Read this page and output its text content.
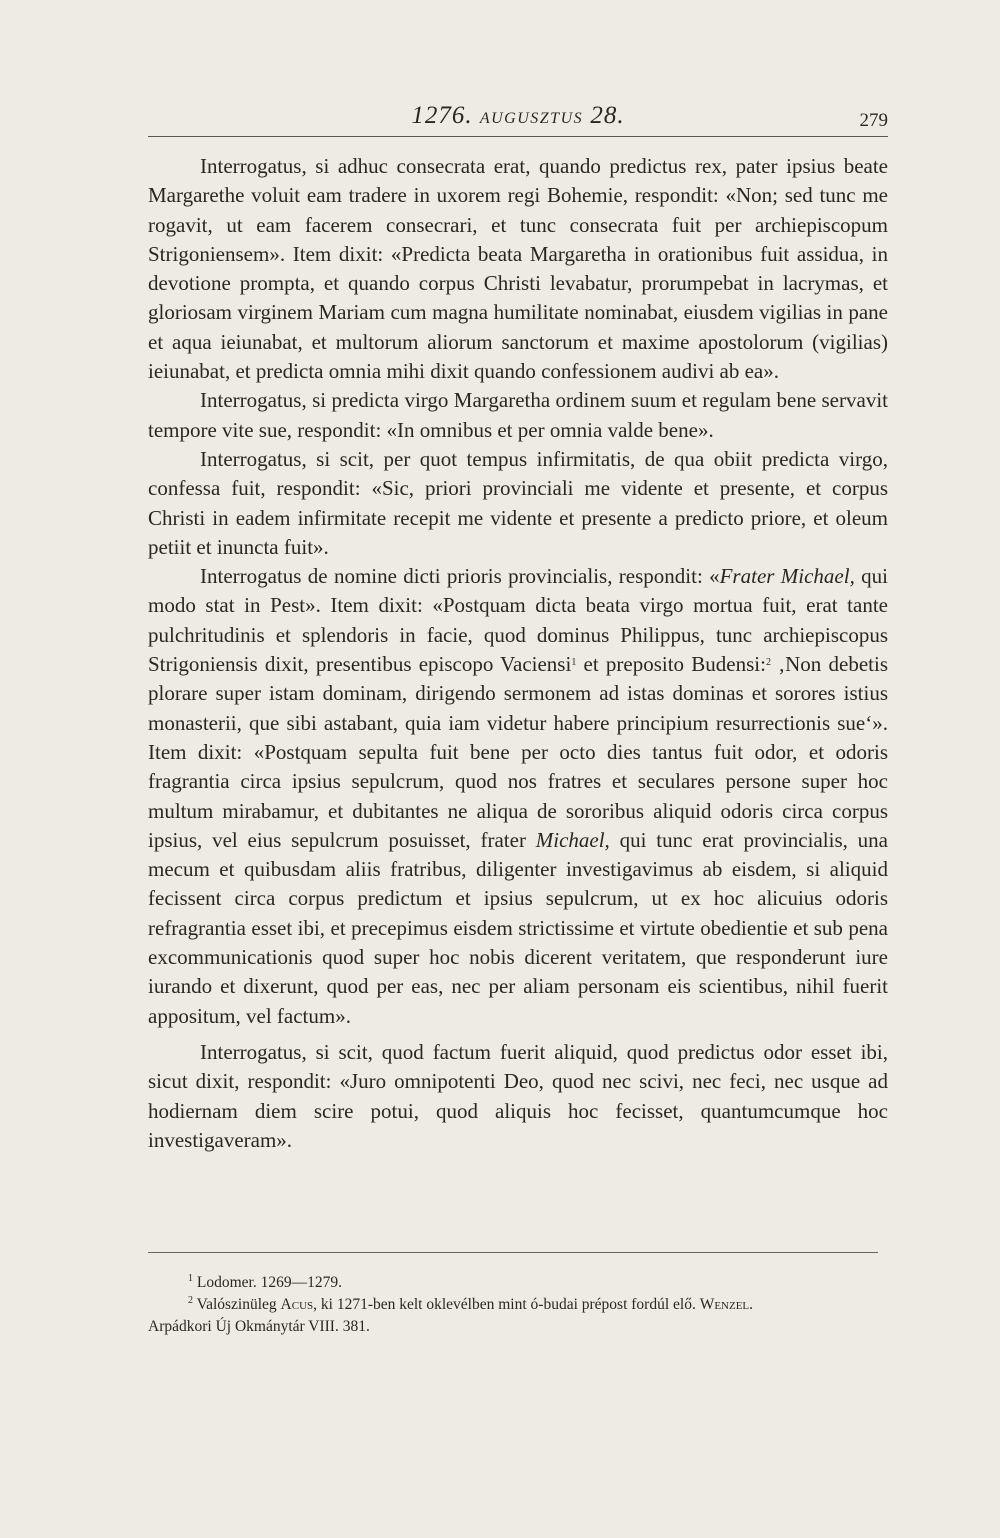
1276. AUGUSZTUS 28.	279

Interrogatus, si adhuc consecrata erat, quando predictus rex, pater ipsius beate Margarethe voluit eam tradere in uxorem regi Bohemie, respondit: «Non; sed tunc me rogavit, ut eam facerem consecrari, et tunc consecrata fuit per archiepiscopum Strigoniensem». Item dixit: «Predicta beata Margaretha in orationibus fuit assidua, in devotione prompta, et quando corpus Christi levabatur, prorumpebat in lacrymas, et gloriosam virginem Mariam cum magna humilitate nominabat, eiusdem vigilias in pane et aqua ieiunabat, et multorum aliorum sanctorum et maxime apostolorum (vigilias) ieiunabat, et predicta omnia mihi dixit quando confessionem audivi ab ea».

Interrogatus, si predicta virgo Margaretha ordinem suum et regulam bene servavit tempore vite sue, respondit: «In omnibus et per omnia valde bene».

Interrogatus, si scit, per quot tempus infirmitatis, de qua obiit predicta virgo, confessa fuit, respondit: «Sic, priori provinciali me vidente et presente, et corpus Christi in eadem infirmitate recepit me vidente et presente a predicto priore, et oleum petiit et inuncta fuit».

Interrogatus de nomine dicti prioris provincialis, respondit: «Frater Michael, qui modo stat in Pest». Item dixit: «Postquam dicta beata virgo mortua fuit, erat tante pulchritudinis et splendoris in facie, quod dominus Philippus, tunc archiepiscopus Strigoniensis dixit, presentibus episcopo Vaciensi$^1$ et preposito Budensi:$^2$ ‚Non debetis plorare super istam dominam, dirigendo sermonem ad istas dominas et sorores istius monasterii, que sibi astabant, quia iam videtur habere principium resurrectionis sue‘». Item dixit: «Postquam sepulta fuit bene per octo dies tantus fuit odor, et odoris fragrantia circa ipsius sepulcrum, quod nos fratres et seculares persone super hoc multum mirabamur, et dubitantes ne aliqua de sororibus aliquid odoris circa corpus ipsius, vel eius sepulcrum posuisset, frater Michael, qui tunc erat provincialis, una mecum et quibusdam aliis fratribus, diligenter investigavimus ab eisdem, si aliquid fecissent circa corpus predictum et ipsius sepulcrum, ut ex hoc alicuius odoris refragrantia esset ibi, et precepimus eisdem strictissime et virtute obedientie et sub pena excommunicationis quod super hoc nobis dicerent veritatem, que responderunt iure iurando et dixerunt, quod per eas, nec per aliam personam eis scientibus, nihil fuerit appositum, vel factum».

Interrogatus, si scit, quod factum fuerit aliquid, quod predictus odor esset ibi, sicut dixit, respondit: «Juro omnipotenti Deo, quod nec scivi, nec feci, nec usque ad hodiernam diem scire potui, quod aliquis hoc fecisset, quantumcumque hoc investigaveram».

$^1$ Lodomer. 1269—1279.

$^2$ Valószinüleg Acus, ki 1271-ben kelt oklevélben mint ó-budai prépost fordúl elő. Wenzel.

Arpádkori Új Okmánytár VIII. 381.
